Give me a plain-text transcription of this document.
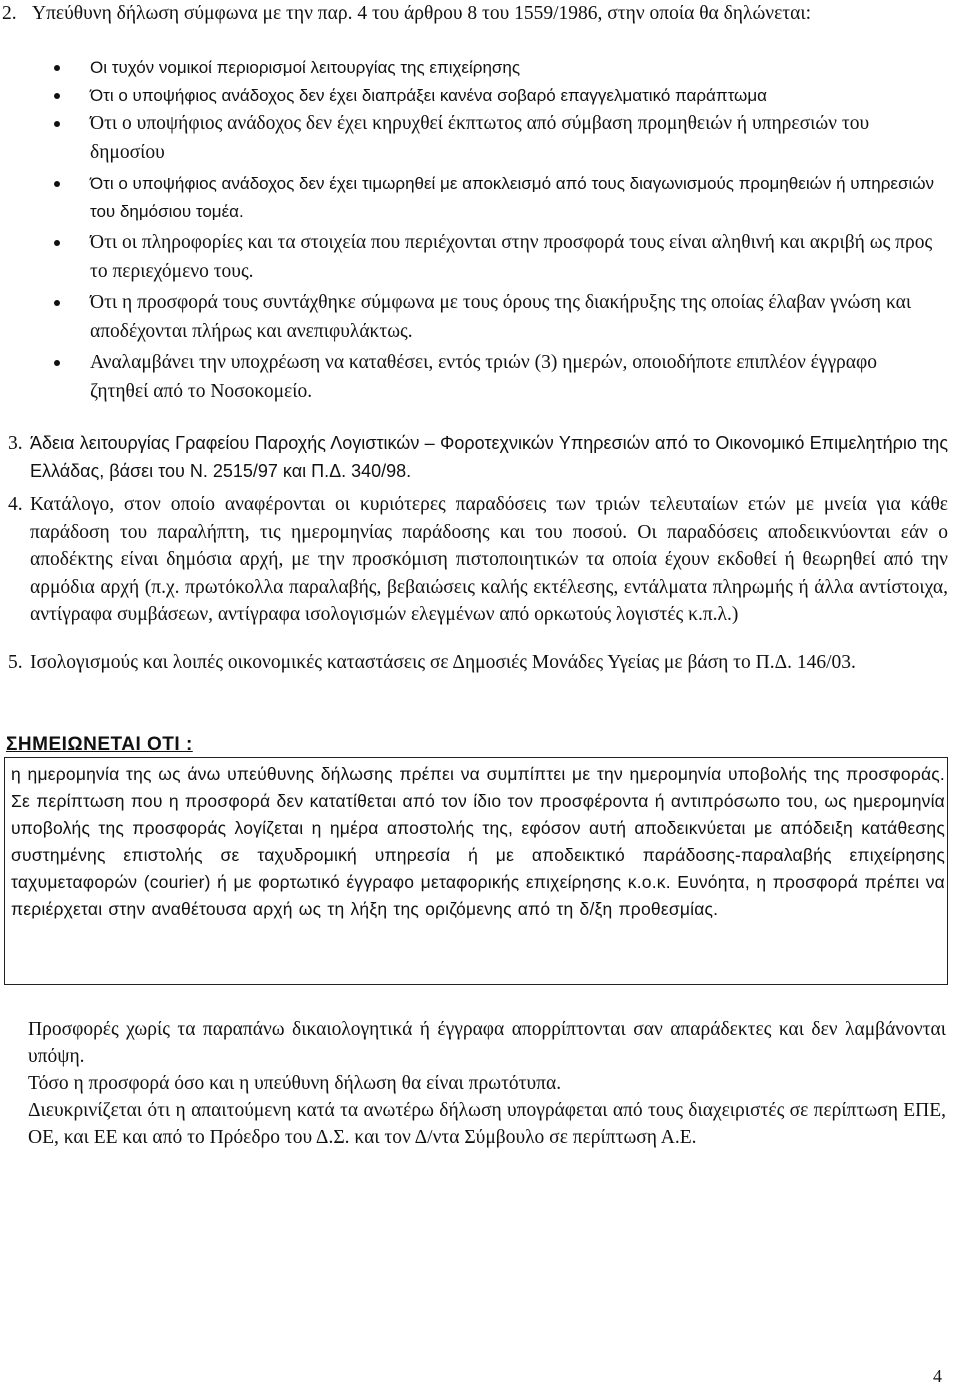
2. Υπεύθυνη δήλωση σύμφωνα με την παρ. 4 του άρθρου 8 του 1559/1986, στην οποία θα δηλώνεται:
Οι τυχόν νομικοί περιορισμοί λειτουργίας της επιχείρησης
Ότι ο υποψήφιος ανάδοχος δεν έχει διαπράξει κανένα σοβαρό επαγγελματικό παράπτωμα
Ότι ο υποψήφιος ανάδοχος δεν έχει κηρυχθεί έκπτωτος από σύμβαση προμηθειών ή υπηρεσιών του δημοσίου
Ότι ο υποψήφιος ανάδοχος δεν έχει τιμωρηθεί με αποκλεισμό από τους διαγωνισμούς προμηθειών ή υπηρεσιών του δημόσιου τομέα.
Ότι οι πληροφορίες και τα στοιχεία που περιέχονται στην προσφορά τους είναι αληθινή και ακριβή ως προς το περιεχόμενο τους.
Ότι η προσφορά τους συντάχθηκε σύμφωνα με τους όρους της διακήρυξης της οποίας έλαβαν γνώση και αποδέχονται πλήρως και ανεπιφυλάκτως.
Αναλαμβάνει την υποχρέωση να καταθέσει, εντός τριών (3) ημερών, οποιοδήποτε επιπλέον έγγραφο ζητηθεί από το Νοσοκομείο.
3. Άδεια λειτουργίας Γραφείου Παροχής Λογιστικών – Φοροτεχνικών Υπηρεσιών από το Οικονομικό Επιμελητήριο της Ελλάδας, βάσει του Ν. 2515/97 και Π.Δ. 340/98.
4. Κατάλογο, στον οποίο αναφέρονται οι κυριότερες παραδόσεις των τριών τελευταίων ετών με μνεία για κάθε παράδοση του παραλήπτη, τις ημερομηνίας παράδοσης και του ποσού. Οι παραδόσεις αποδεικνύονται εάν ο αποδέκτης είναι δημόσια αρχή, με την προσκόμιση πιστοποιητικών τα οποία έχουν εκδοθεί ή θεωρηθεί από την αρμόδια αρχή (π.χ. πρωτόκολλα παραλαβής, βεβαιώσεις καλής εκτέλεσης, εντάλματα πληρωμής ή άλλα αντίστοιχα, αντίγραφα συμβάσεων, αντίγραφα ισολογισμών ελεγμένων από ορκωτούς λογιστές κ.π.λ.)
5. Ισολογισμούς και λοιπές οικονομικές καταστάσεις σε Δημοσιές Μονάδες Υγείας με βάση το Π.Δ. 146/03.
ΣΗΜΕΙΩΝΕΤΑΙ ΟΤΙ :
η ημερομηνία της ως άνω υπεύθυνης δήλωσης πρέπει να συμπίπτει με την ημερομηνία υποβολής της προσφοράς. Σε περίπτωση που η προσφορά δεν κατατίθεται από τον ίδιο τον προσφέροντα ή αντιπρόσωπο του, ως ημερομηνία υποβολής της προσφοράς λογίζεται η ημέρα αποστολής της, εφόσον αυτή αποδεικνύεται με απόδειξη κατάθεσης συστημένης επιστολής σε ταχυδρομική υπηρεσία ή με αποδεικτικό παράδοσης-παραλαβής επιχείρησης ταχυμεταφορών (courier) ή με φορτωτικό έγγραφο μεταφορικής επιχείρησης κ.ο.κ. Ευνόητα, η προσφορά πρέπει να περιέρχεται στην αναθέτουσα αρχή ως τη λήξη της οριζόμενης από τη δ/ξη προθεσμίας.

Προσφορές χωρίς τα παραπάνω δικαιολογητικά ή έγγραφα απορρίπτονται σαν απαράδεκτες και δεν λαμβάνονται υπόψη.

Τόσο η προσφορά όσο και η υπεύθυνη δήλωση θα είναι πρωτότυπα.

Διευκρινίζεται ότι η απαιτούμενη κατά τα ανωτέρω δήλωση υπογράφεται από τους διαχειριστές σε περίπτωση ΕΠΕ, ΟΕ, και ΕΕ και από το Πρόεδρο του Δ.Σ. και τον Δ/ντα Σύμβουλο σε περίπτωση Α.Ε.

4
